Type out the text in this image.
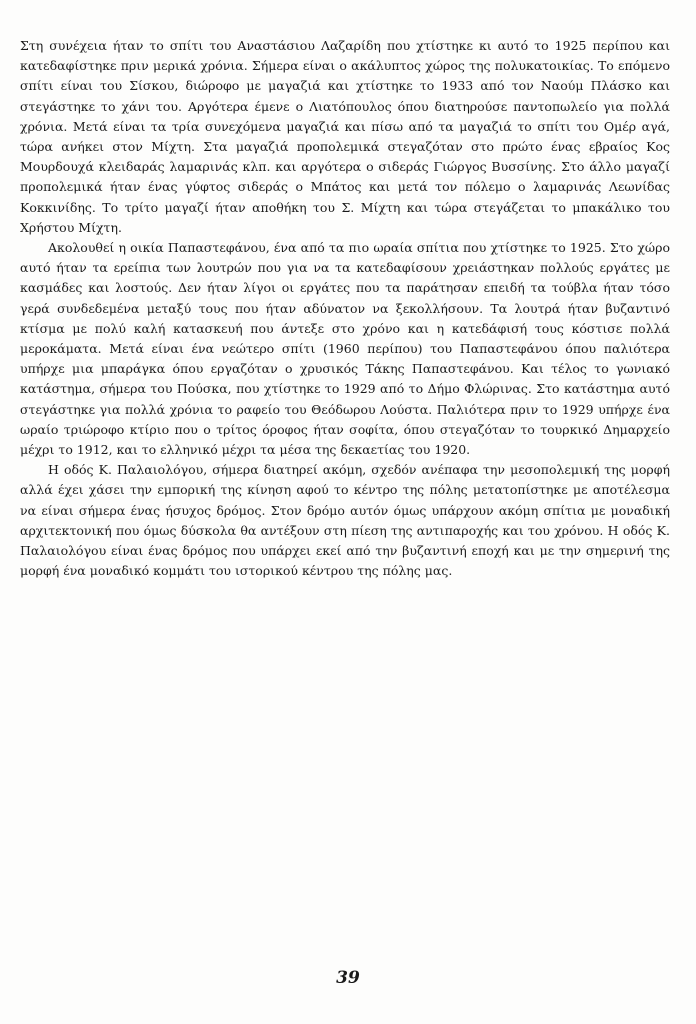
Στη συνέχεια ήταν το σπίτι του Αναστάσιου Λαζαρίδη που χτίστηκε κι αυτό το 1925 περίπου και κατεδαφίστηκε πριν μερικά χρόνια. Σήμερα είναι ο ακάλυπτος χώρος της πολυκατοικίας. Το επόμενο σπίτι είναι του Σίσκου, διώροφο με μαγαζιά και χτίστηκε το 1933 από τον Ναούμ Πλάσκο και στεγάστηκε το χάνι του. Αργότερα έμενε ο Λιατόπουλος όπου διατηρούσε παντοπωλείο για πολλά χρόνια. Μετά είναι τα τρία συνεχόμενα μαγαζιά και πίσω από τα μαγαζιά το σπίτι του Ομέρ αγά, τώρα ανήκει στον Μίχτη. Στα μαγαζιά προπολεμικά στεγαζόταν στο πρώτο ένας εβραίος Κος Μουρδουχά κλειδαράς λαμαρινάς κλπ. και αργότερα ο σιδεράς Γιώργος Βυσσίνης. Στο άλλο μαγαζί προπολεμικά ήταν ένας γύφτος σιδεράς ο Μπάτος και μετά τον πόλεμο ο λαμαρινάς Λεωνίδας Κοκκινίδης. Το τρίτο μαγαζί ήταν αποθήκη του Σ. Μίχτη και τώρα στεγάζεται το μπακάλικο του Χρήστου Μίχτη.

Ακολουθεί η οικία Παπαστεφάνου, ένα από τα πιο ωραία σπίτια που χτίστηκε το 1925. Στο χώρο αυτό ήταν τα ερείπια των λουτρών που για να τα κατεδαφίσουν χρειάστηκαν πολλούς εργάτες με κασμάδες και λοστούς. Δεν ήταν λίγοι οι εργάτες που τα παράτησαν επειδή τα τούβλα ήταν τόσο γερά συνδεδεμένα μεταξύ τους που ήταν αδύνατον να ξεκολλήσουν. Τα λουτρά ήταν βυζαντινό κτίσμα με πολύ καλή κατασκευή που άντεξε στο χρόνο και η κατεδάφισή τους κόστισε πολλά μεροκάματα. Μετά είναι ένα νεώτερο σπίτι (1960 περίπου) του Παπαστεφάνου όπου παλιότερα υπήρχε μια μπαράγκα όπου εργαζόταν ο χρυσικός Τάκης Παπαστεφάνου. Και τέλος το γωνιακό κατάστημα, σήμερα του Πούσκα, που χτίστηκε το 1929 από το Δήμο Φλώρινας. Στο κατάστημα αυτό στεγάστηκε για πολλά χρόνια το ραφείο του Θεόδωρου Λούστα. Παλιότερα πριν το 1929 υπήρχε ένα ωραίο τριώροφο κτίριο που ο τρίτος όροφος ήταν σοφίτα, όπου στεγαζόταν το τουρκικό Δημαρχείο μέχρι το 1912, και το ελληνικό μέχρι τα μέσα της δεκαετίας του 1920.

Η οδός Κ. Παλαιολόγου, σήμερα διατηρεί ακόμη, σχεδόν ανέπαφα την μεσοπολεμική της μορφή αλλά έχει χάσει την εμπορική της κίνηση αφού το κέντρο της πόλης μετατοπίστηκε με αποτέλεσμα να είναι σήμερα ένας ήσυχος δρόμος. Στον δρόμο αυτόν όμως υπάρχουν ακόμη σπίτια με μοναδική αρχιτεκτονική που όμως δύσκολα θα αντέξουν στη πίεση της αντιπαροχής και του χρόνου. Η οδός Κ. Παλαιολόγου είναι ένας δρόμος που υπάρχει εκεί από την βυζαντινή εποχή και με την σημερινή της μορφή ένα μοναδικό κομμάτι του ιστορικού κέντρου της πόλης μας.

39
